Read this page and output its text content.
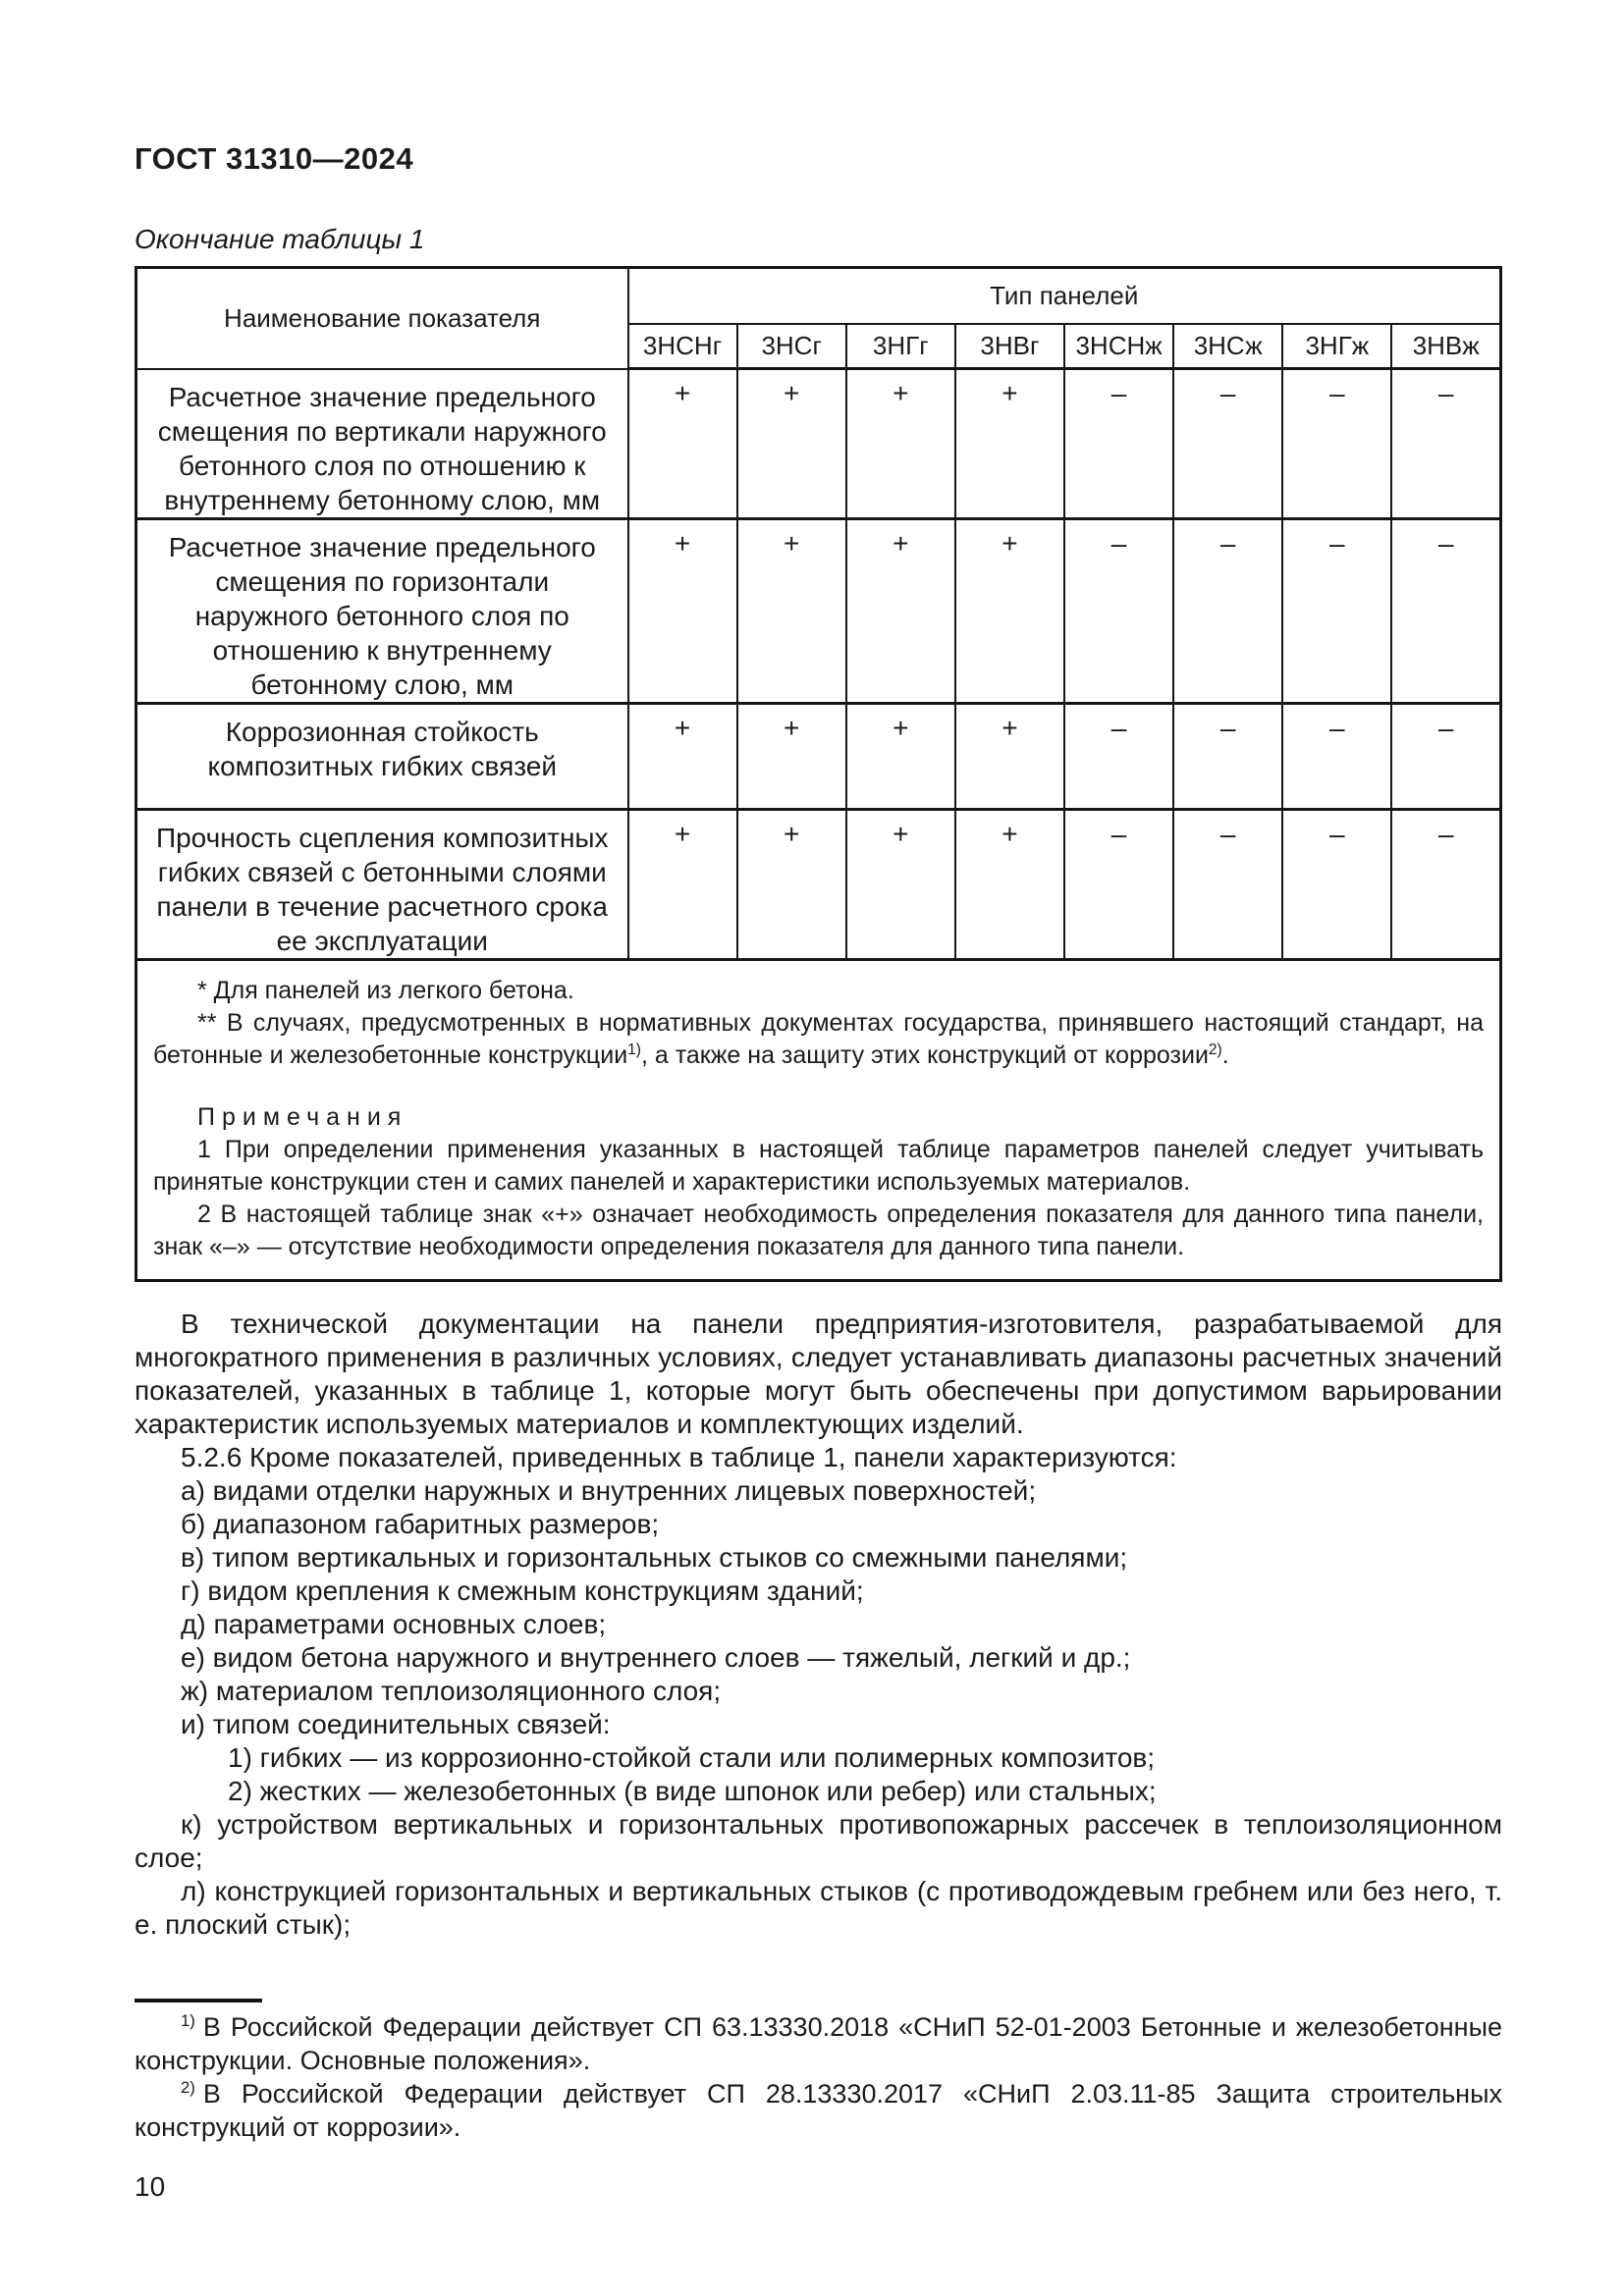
ГОСТ 31310—2024
Окончание таблицы 1
Наименование показателя	Тип панелей							
	3НСНг	3НСг	3НГг	3НВг	3НСНж	3НСж	3НГж	3НВж
Расчетное значение предельного смещения по вертикали наружного бетонного слоя по отношению к внутреннему бетонному слою, мм	+	+	+	+	–	–	–	–
Расчетное значение предельного смещения по горизонтали наружного бетонного слоя по отношению к внутреннему бетонному слою, мм	+	+	+	+	–	–	–	–
Коррозионная стойкость композитных гибких связей	+	+	+	+	–	–	–	–
Прочность сцепления композитных гибких связей с бетонными слоями панели в течение расчетного срока ее эксплуатации	+	+	+	+	–	–	–	–

* Для панелей из легкого бетона.

** В случаях, предусмотренных в нормативных документах государства, принявшего настоящий стандарт, на бетонные и железобетонные конструкции$^{1)}$, а также на защиту этих конструкций от коррозии$^{2)}$.

Примечания

1 При определении применения указанных в настоящей таблице параметров панелей следует учитывать принятые конструкции стен и самих панелей и характеристики используемых материалов.

2 В настоящей таблице знак «+» означает необходимость определения показателя для данного типа панели, знак «–» — отсутствие необходимости определения показателя для данного типа панели.								

В технической документации на панели предприятия-изготовителя, разрабатываемой для многократного применения в различных условиях, следует устанавливать диапазоны расчетных значений показателей, указанных в таблице 1, которые могут быть обеспечены при допустимом варьировании характеристик используемых материалов и комплектующих изделий.

5.2.6 Кроме показателей, приведенных в таблице 1, панели характеризуются:

а) видами отделки наружных и внутренних лицевых поверхностей;

б) диапазоном габаритных размеров;

в) типом вертикальных и горизонтальных стыков со смежными панелями;

г) видом крепления к смежным конструкциям зданий;

д) параметрами основных слоев;

е) видом бетона наружного и внутреннего слоев — тяжелый, легкий и др.;

ж) материалом теплоизоляционного слоя;

и) типом соединительных связей:

1) гибких — из коррозионно-стойкой стали или полимерных композитов;

2) жестких — железобетонных (в виде шпонок или ребер) или стальных;

к) устройством вертикальных и горизонтальных противопожарных рассечек в теплоизоляционном слое;

л) конструкцией горизонтальных и вертикальных стыков (с противодождевым гребнем или без него, т. е. плоский стык);

$^{1)}$ В Российской Федерации действует СП 63.13330.2018 «СНиП 52-01-2003 Бетонные и железобетонные конструкции. Основные положения».

$^{2)}$ В Российской Федерации действует СП 28.13330.2017 «СНиП 2.03.11-85 Защита строительных конструкций от коррозии».

10
